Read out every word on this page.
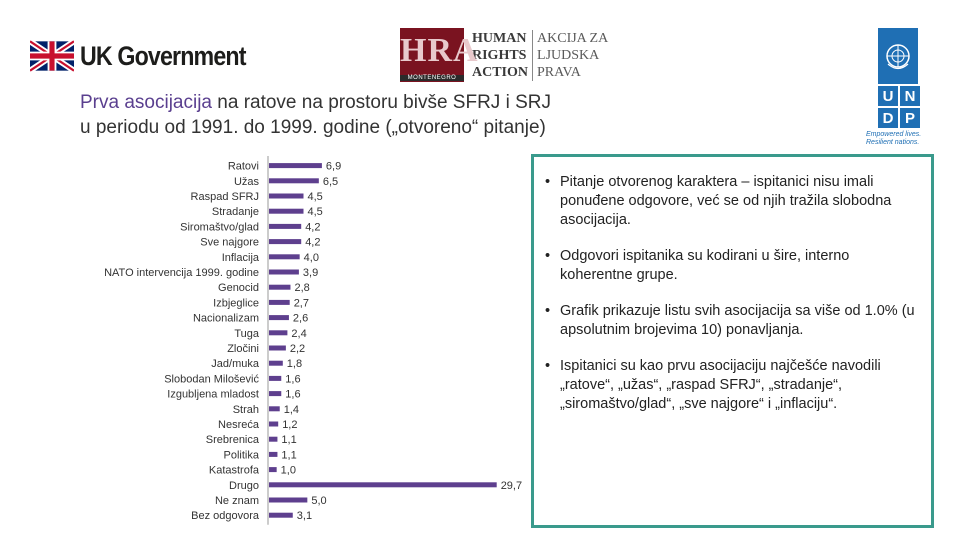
UK Government	HRA
MONTENEGRO
HUMAN
RIGHTS
ACTION
AKCIJA ZA
LJUDSKA
PRAVA
U N
D P
Empowered lives.
Resilient nations.
Prva asocijacija na ratove na prostoru bivše SFRJ i SRJ
u periodu od 1991. do 1999. godine („otvoreno“ pitanje)
Ratovi	6,9
Užas	6,5
Raspad SFRJ	4,5
Stradanje	4,5
Siromaštvo/glad	4,2
Sve najgore	4,2
Inflacija	4,0
NATO intervencija 1999. godine	3,9
Genocid	2,8
Izbjeglice	2,7
Nacionalizam	2,6
Tuga	2,4
Zločini	2,2
Jad/muka	1,8
Slobodan Milošević 1,6
Izgubljena mladost 1,6
Strah 1,4
Nesreća 1,2
Srebrenica 1,1
Politika 1,1
Katastrofa 1,0
Drugo	29,7
Ne znam	5,0
Bez odgovora	3,1
• Pitanje otvorenog karaktera – ispitanici nisu imali ponuđene odgovore, već se od njih tražila slobodna asocijacija.
• Odgovori ispitanika su kodirani u šire, interno koherentne grupe.
• Grafik prikazuje listu svih asocijacija sa više od 1.0% (u apsolutnim brojevima 10) ponavljanja.
• Ispitanici su kao prvu asocijaciju najčešće navodili „ratove“, „užas“, „raspad SFRJ“, „stradanje“, „siromaštvo/glad“, „sve najgore“ i „inflaciju“.
